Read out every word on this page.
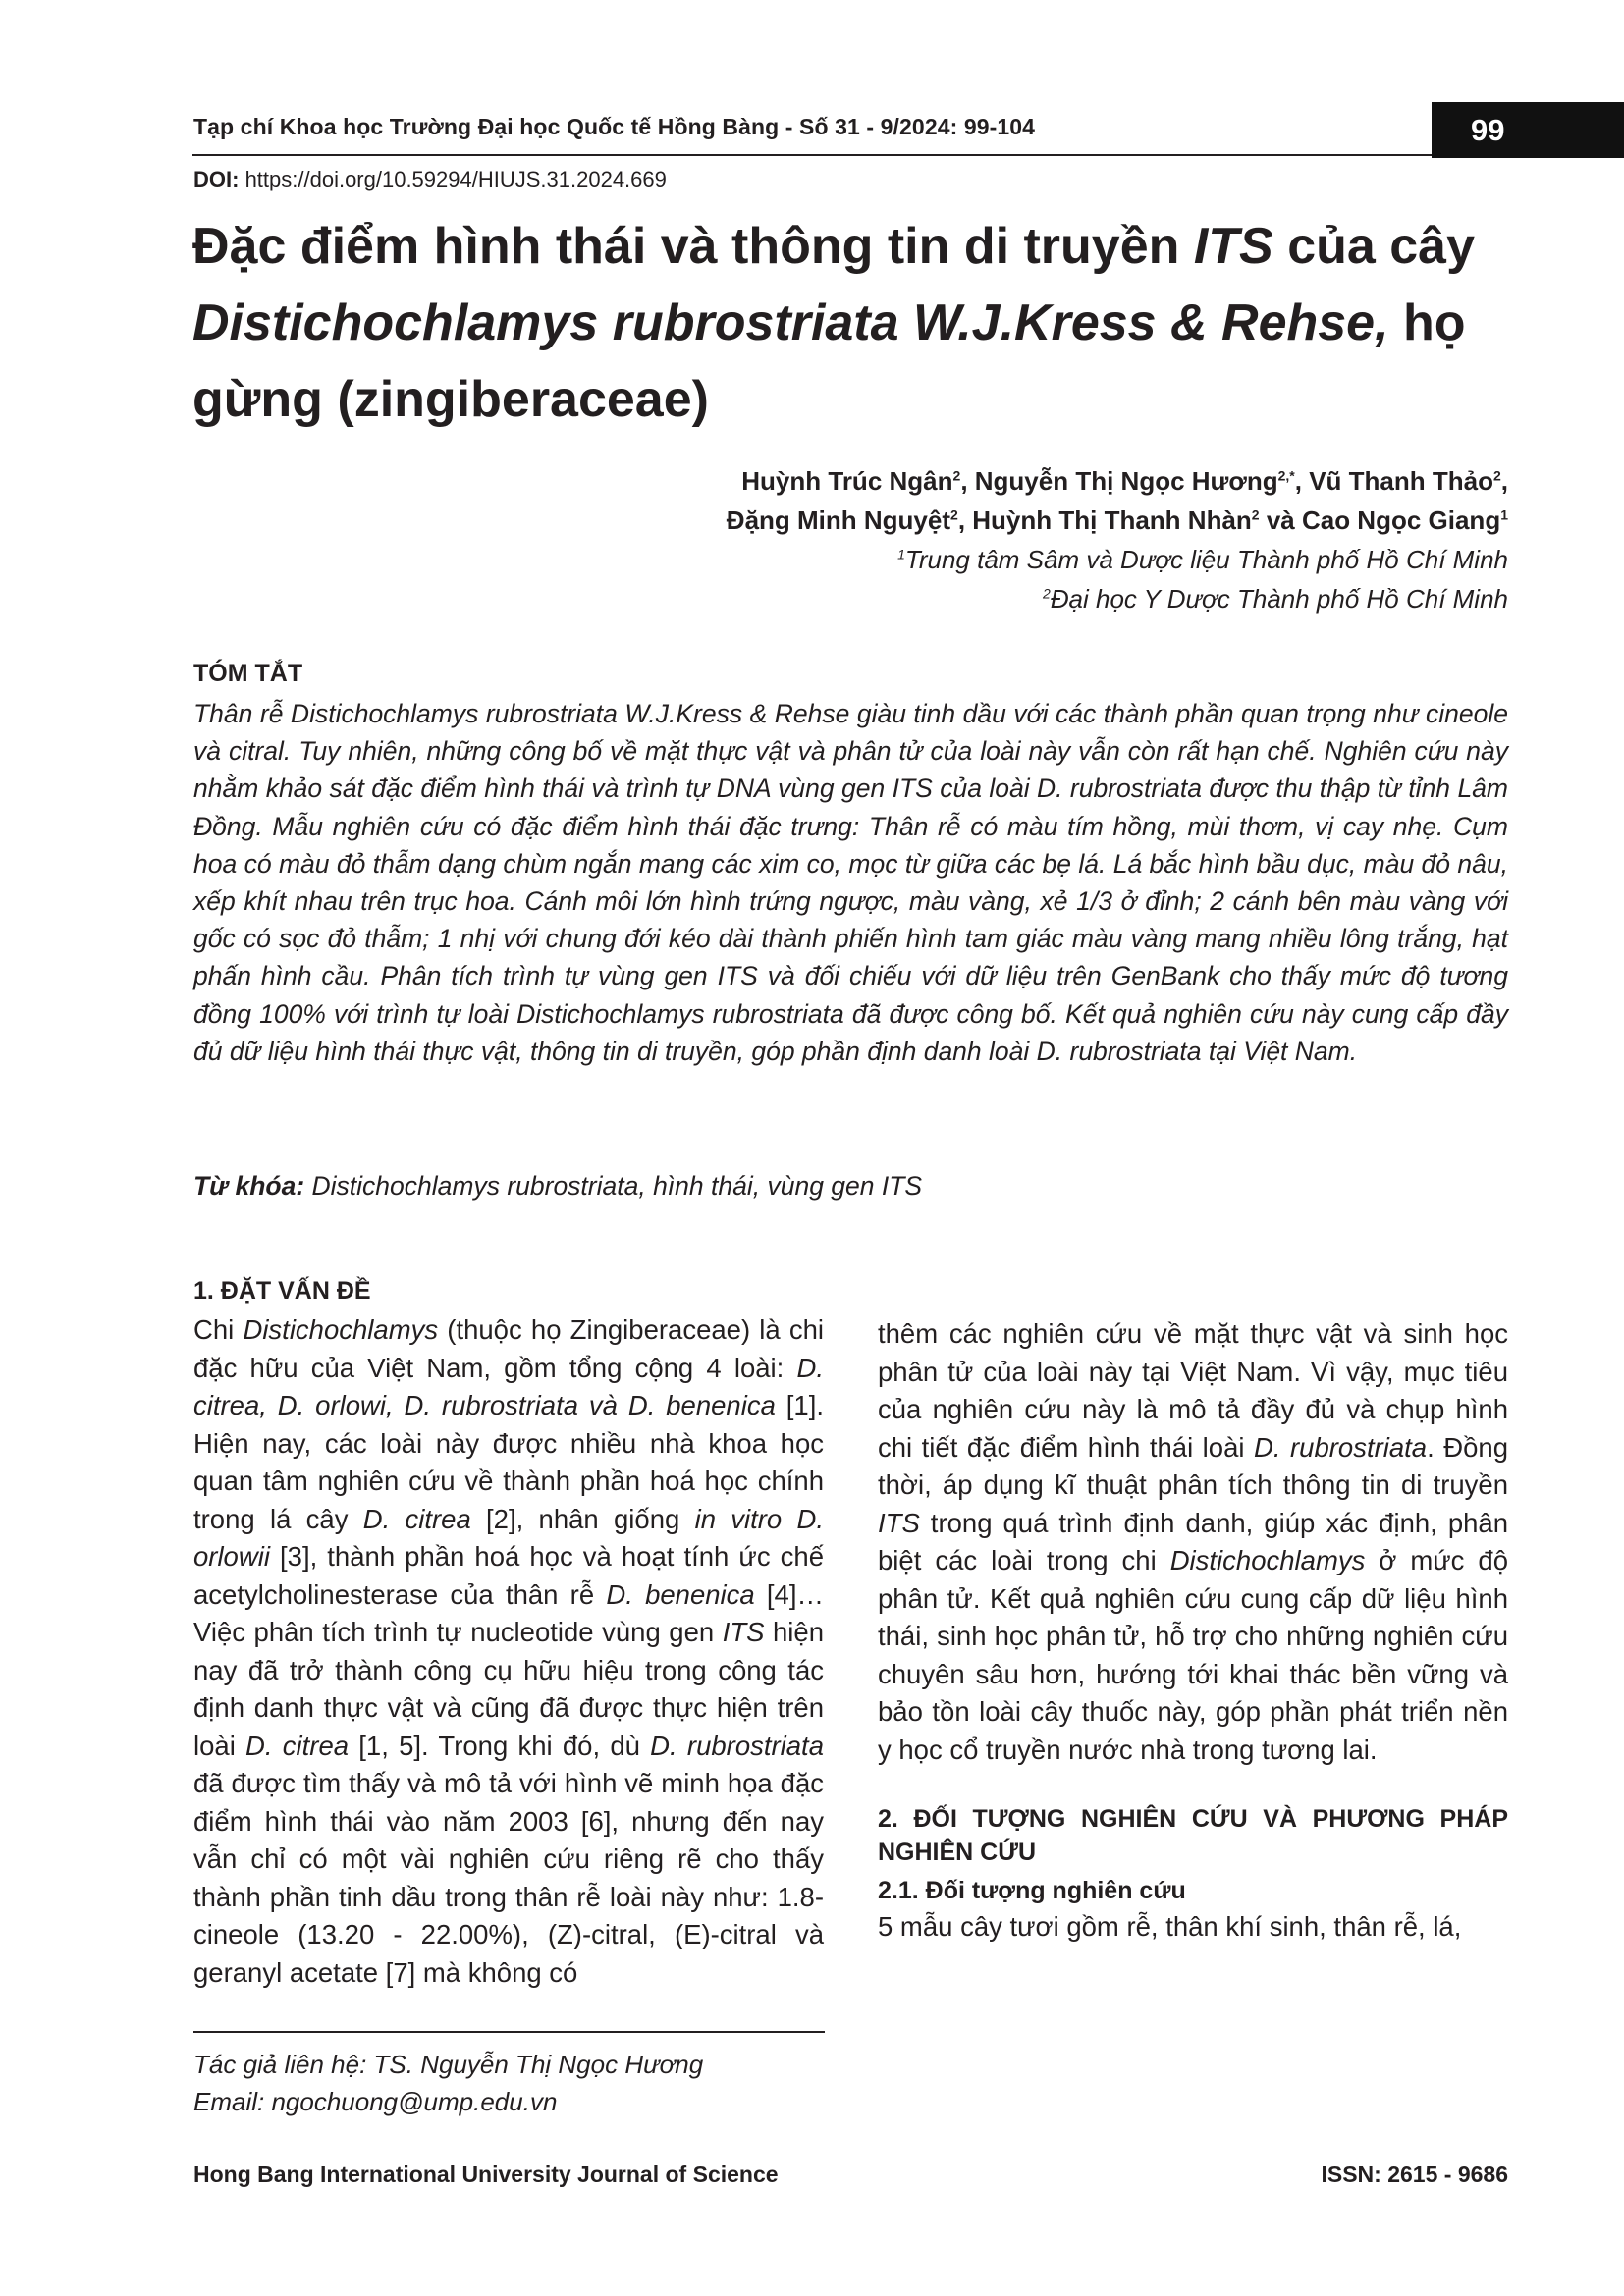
Tạp chí Khoa học Trường Đại học Quốc tế Hồng Bàng - Số 31 - 9/2024: 99-104	99
DOI: https://doi.org/10.59294/HIUJS.31.2024.669
Đặc điểm hình thái và thông tin di truyền ITS của cây Distichochlamys rubrostriata W.J.Kress & Rehse, họ gừng (zingiberaceae)
Huỳnh Trúc Ngân$^2$, Nguyễn Thị Ngọc Hương$^{2,*}$, Vũ Thanh Thảo$^2$,
Đặng Minh Nguyệt$^2$, Huỳnh Thị Thanh Nhàn$^2$ và Cao Ngọc Giang$^1$
$^1$Trung tâm Sâm và Dược liệu Thành phố Hồ Chí Minh
$^2$Đại học Y Dược Thành phố Hồ Chí Minh
TÓM TẮT

Thân rễ Distichochlamys rubrostriata W.J.Kress & Rehse giàu tinh dầu với các thành phần quan trọng như cineole và citral. Tuy nhiên, những công bố về mặt thực vật và phân tử của loài này vẫn còn rất hạn chế. Nghiên cứu này nhằm khảo sát đặc điểm hình thái và trình tự DNA vùng gen ITS của loài D. rubrostriata được thu thập từ tỉnh Lâm Đồng. Mẫu nghiên cứu có đặc điểm hình thái đặc trưng: Thân rễ có màu tím hồng, mùi thơm, vị cay nhẹ. Cụm hoa có màu đỏ thẫm dạng chùm ngắn mang các xim co, mọc từ giữa các bẹ lá. Lá bắc hình bầu dục, màu đỏ nâu, xếp khít nhau trên trục hoa. Cánh môi lớn hình trứng ngược, màu vàng, xẻ 1/3 ở đỉnh; 2 cánh bên màu vàng với gốc có sọc đỏ thẫm; 1 nhị với chung đới kéo dài thành phiến hình tam giác màu vàng mang nhiều lông trắng, hạt phấn hình cầu. Phân tích trình tự vùng gen ITS và đối chiếu với dữ liệu trên GenBank cho thấy mức độ tương đồng 100% với trình tự loài Distichochlamys rubrostriata đã được công bố. Kết quả nghiên cứu này cung cấp đầy đủ dữ liệu hình thái thực vật, thông tin di truyền, góp phần định danh loài D. rubrostriata tại Việt Nam.

Từ khóa: Distichochlamys rubrostriata, hình thái, vùng gen ITS
1. ĐẶT VẤN ĐỀ

Chi Distichochlamys (thuộc họ Zingiberaceae) là chi đặc hữu của Việt Nam, gồm tổng cộng 4 loài: D. citrea, D. orlowi, D. rubrostriata và D. benenica [1]. Hiện nay, các loài này được nhiều nhà khoa học quan tâm nghiên cứu về thành phần hoá học chính trong lá cây D. citrea [2], nhân giống in vitro D. orlowii [3], thành phần hoá học và hoạt tính ức chế acetylcholinesterase của thân rễ D. benenica [4]… Việc phân tích trình tự nucleotide vùng gen ITS hiện nay đã trở thành công cụ hữu hiệu trong công tác định danh thực vật và cũng đã được thực hiện trên loài D. citrea [1, 5]. Trong khi đó, dù D. rubrostriata đã được tìm thấy và mô tả với hình vẽ minh họa đặc điểm hình thái vào năm 2003 [6], nhưng đến nay vẫn chỉ có một vài nghiên cứu riêng rẽ cho thấy thành phần tinh dầu trong thân rễ loài này như: 1.8-cineole (13.20 - 22.00%), (Z)-citral, (E)-citral và geranyl acetate [7] mà không có

thêm các nghiên cứu về mặt thực vật và sinh học phân tử của loài này tại Việt Nam. Vì vậy, mục tiêu của nghiên cứu này là mô tả đầy đủ và chụp hình chi tiết đặc điểm hình thái loài D. rubrostriata. Đồng thời, áp dụng kĩ thuật phân tích thông tin di truyền ITS trong quá trình định danh, giúp xác định, phân biệt các loài trong chi Distichochlamys ở mức độ phân tử. Kết quả nghiên cứu cung cấp dữ liệu hình thái, sinh học phân tử, hỗ trợ cho những nghiên cứu chuyên sâu hơn, hướng tới khai thác bền vững và bảo tồn loài cây thuốc này, góp phần phát triển nền y học cổ truyền nước nhà trong tương lai.

2. ĐỐI TƯỢNG NGHIÊN CỨU VÀ PHƯƠNG PHÁP NGHIÊN CỨU
2.1. Đối tượng nghiên cứu

5 mẫu cây tươi gồm rễ, thân khí sinh, thân rễ, lá,

Tác giả liên hệ: TS. Nguyễn Thị Ngọc Hương
Email: ngochuong@ump.edu.vn
Hong Bang International University Journal of Science	ISSN: 2615 - 9686
